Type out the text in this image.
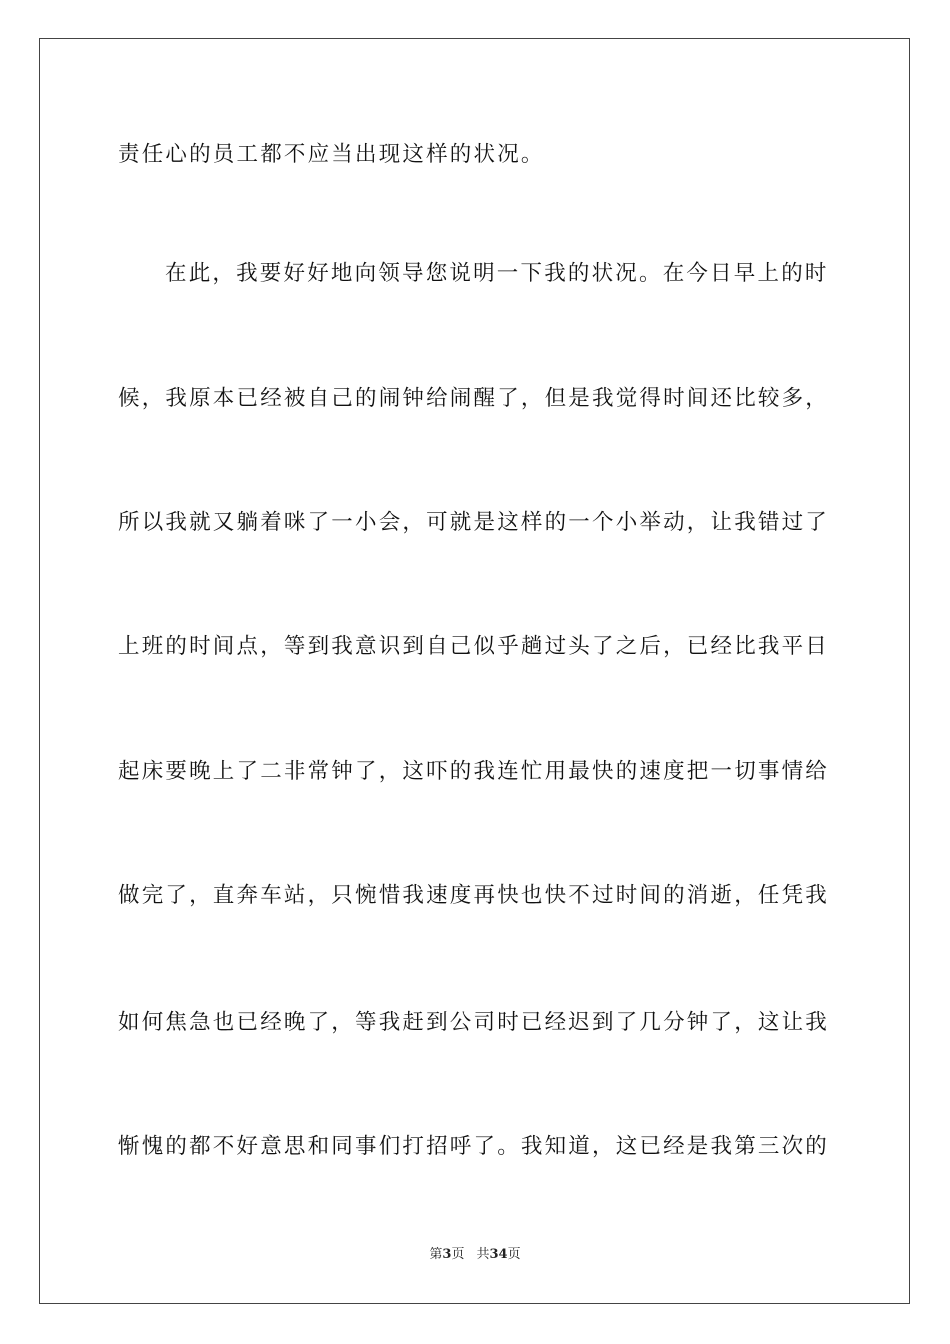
责任心的员工都不应当出现这样的状况。
在此，我要好好地向领导您说明一下我的状况。在今日早上的时
候，我原本已经被自己的闹钟给闹醒了，但是我觉得时间还比较多，
所以我就又躺着咪了一小会，可就是这样的一个小举动，让我错过了
上班的时间点，等到我意识到自己似乎趟过头了之后，已经比我平日
起床要晚上了二非常钟了，这吓的我连忙用最快的速度把一切事情给
做完了，直奔车站，只惋惜我速度再快也快不过时间的消逝，任凭我
如何焦急也已经晚了，等我赶到公司时已经迟到了几分钟了，这让我
惭愧的都不好意思和同事们打招呼了。我知道，这已经是我第三次的
第3页 共34页
